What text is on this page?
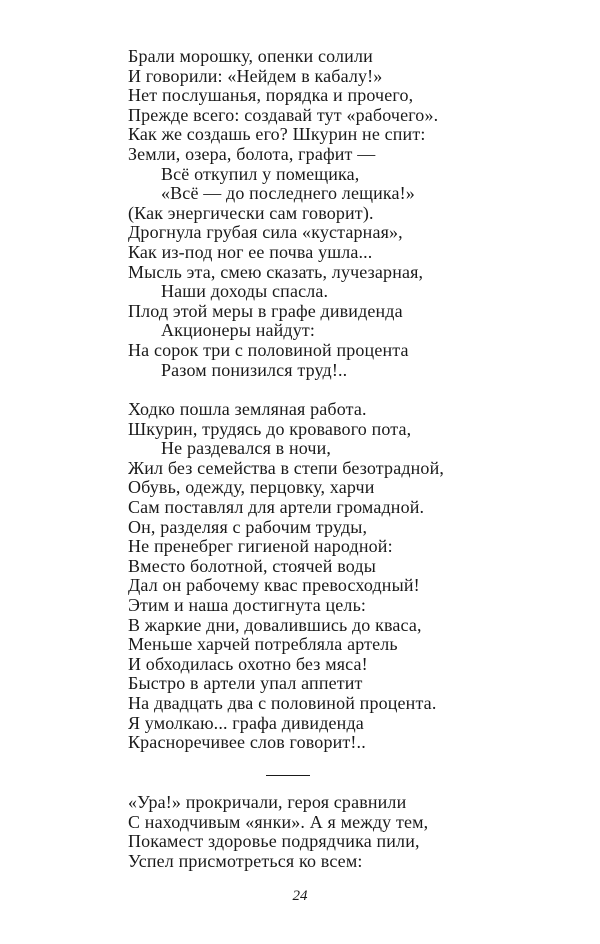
Брали морошку, опенки солили
И говорили: «Нейдем в кабалу!»
Нет послушанья, порядка и прочего,
Прежде всего: создавай тут «рабочего».
Как же создашь его? Шкурин не спит:
Земли, озера, болота, графит —
Всё откупил у помещика,
«Всё — до последнего лещика!»
(Как энергически сам говорит).
Дрогнула грубая сила «кустарная»,
Как из-под ног ее почва ушла...
Мысль эта, смею сказать, лучезарная,
Наши доходы спасла.
Плод этой меры в графе дивиденда
Акционеры найдут:
На сорок три с половиной процента
Разом понизился труд!..
Ходко пошла земляная работа.
Шкурин, трудясь до кровавого пота,
Не раздевался в ночи,
Жил без семейства в степи безотрадной,
Обувь, одежду, перцовку, харчи
Сам поставлял для артели громадной.
Он, разделяя с рабочим труды,
Не пренебрег гигиеной народной:
Вместо болотной, стоячей воды
Дал он рабочему квас превосходный!
Этим и наша достигнута цель:
В жаркие дни, довалившись до кваса,
Меньше харчей потребляла артель
И обходилась охотно без мяса!
Быстро в артели упал аппетит
На двадцать два с половиной процента.
Я умолкаю... графа дивиденда
Красноречивее слов говорит!..
«Ура!» прокричали, героя сравнили
С находчивым «янки». А я между тем,
Покамест здоровье подрядчика пили,
Успел присмотреться ко всем:
24
